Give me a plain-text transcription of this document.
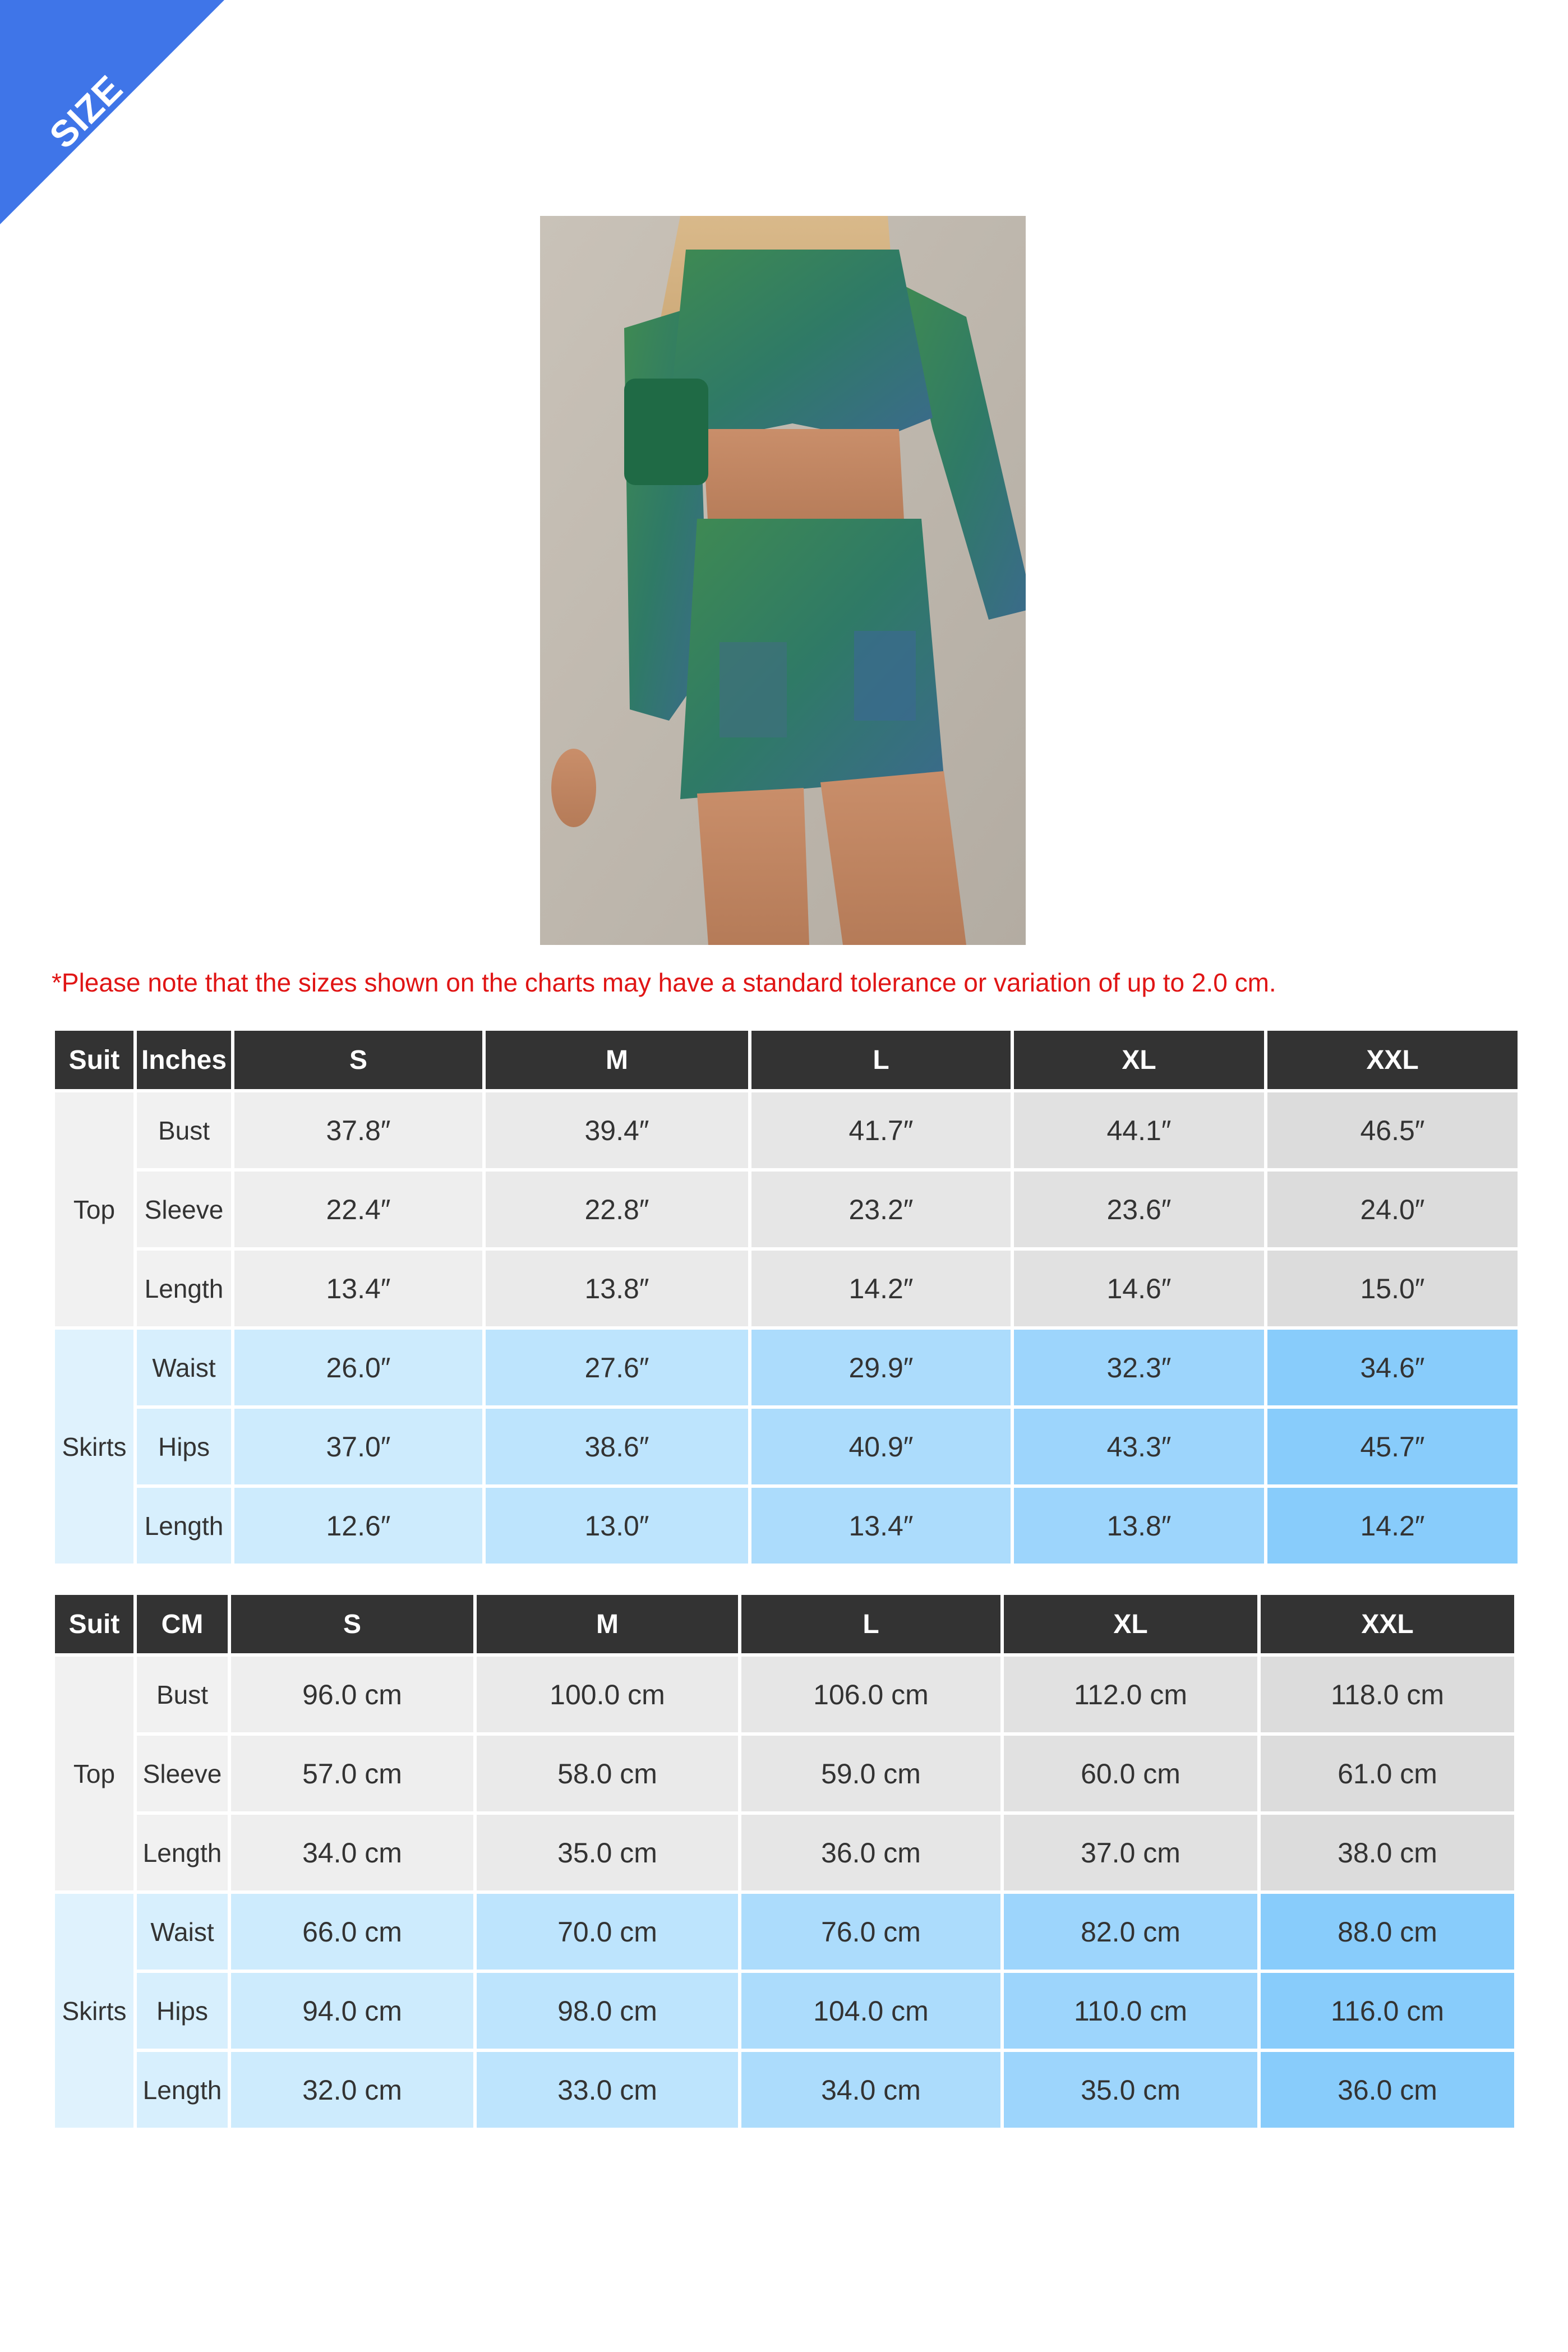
SIZE CHART
*Please note that the sizes shown on the charts may have a standard tolerance or variation of up to 2.0 cm.
Suit	Inches	S	M	L	XL	XXL
Top	Bust	37.8″	39.4″	41.7″	44.1″	46.5″
	Sleeve	22.4″	22.8″	23.2″	23.6″	24.0″
	Length	13.4″	13.8″	14.2″	14.6″	15.0″
Skirts	Waist	26.0″	27.6″	29.9″	32.3″	34.6″
	Hips	37.0″	38.6″	40.9″	43.3″	45.7″
	Length	12.6″	13.0″	13.4″	13.8″	14.2″
Suit	CM	S	M	L	XL	XXL
Top	Bust	96.0 cm	100.0 cm	106.0 cm	112.0 cm	118.0 cm
	Sleeve	57.0 cm	58.0 cm	59.0 cm	60.0 cm	61.0 cm
	Length	34.0 cm	35.0 cm	36.0 cm	37.0 cm	38.0 cm
Skirts	Waist	66.0 cm	70.0 cm	76.0 cm	82.0 cm	88.0 cm
	Hips	94.0 cm	98.0 cm	104.0 cm	110.0 cm	116.0 cm
	Length	32.0 cm	33.0 cm	34.0 cm	35.0 cm	36.0 cm
